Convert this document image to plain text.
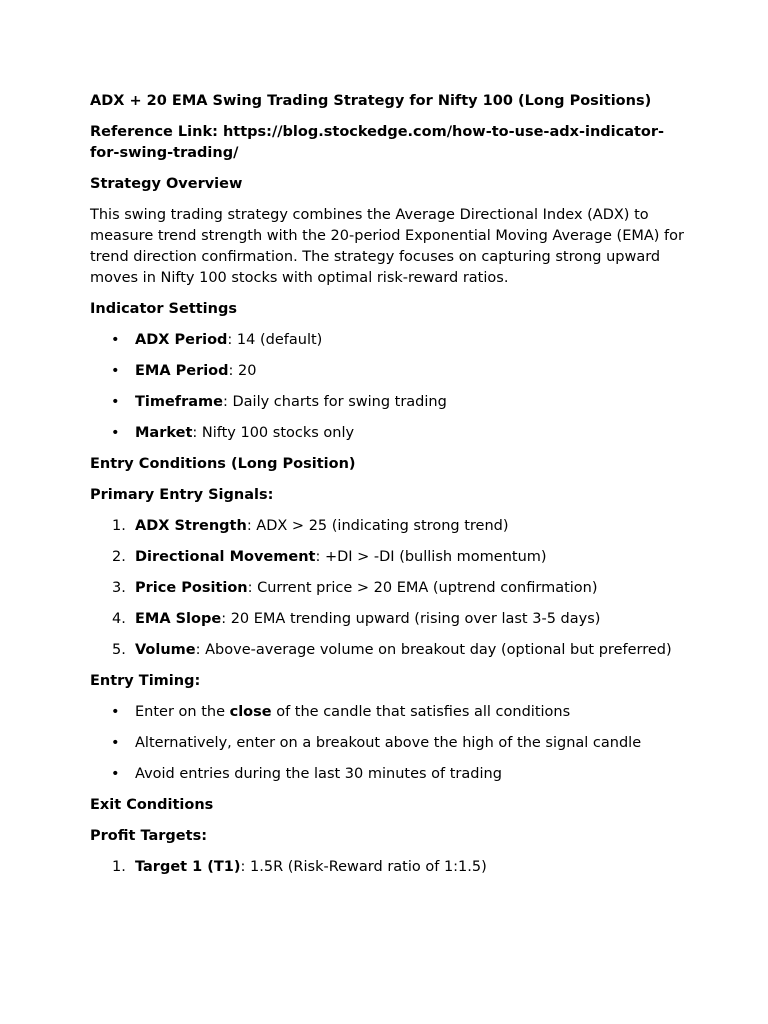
ADX + 20 EMA Swing Trading Strategy for Nifty 100 (Long Positions)
Reference Link: https://blog.stockedge.com/how-to-use-adx-indicator-for-swing-trading/
Strategy Overview
This swing trading strategy combines the Average Directional Index (ADX) to measure trend strength with the 20-period Exponential Moving Average (EMA) for trend direction confirmation. The strategy focuses on capturing strong upward moves in Nifty 100 stocks with optimal risk-reward ratios.
Indicator Settings
• ADX Period: 14 (default)
• EMA Period: 20
• Timeframe: Daily charts for swing trading
• Market: Nifty 100 stocks only
Entry Conditions (Long Position)
Primary Entry Signals:
1. ADX Strength: ADX > 25 (indicating strong trend)
2. Directional Movement: +DI > -DI (bullish momentum)
3. Price Position: Current price > 20 EMA (uptrend confirmation)
4. EMA Slope: 20 EMA trending upward (rising over last 3-5 days)
5. Volume: Above-average volume on breakout day (optional but preferred)
Entry Timing:
• Enter on the close of the candle that satisfies all conditions
• Alternatively, enter on a breakout above the high of the signal candle
• Avoid entries during the last 30 minutes of trading
Exit Conditions
Profit Targets:
1. Target 1 (T1): 1.5R (Risk-Reward ratio of 1:1.5)
